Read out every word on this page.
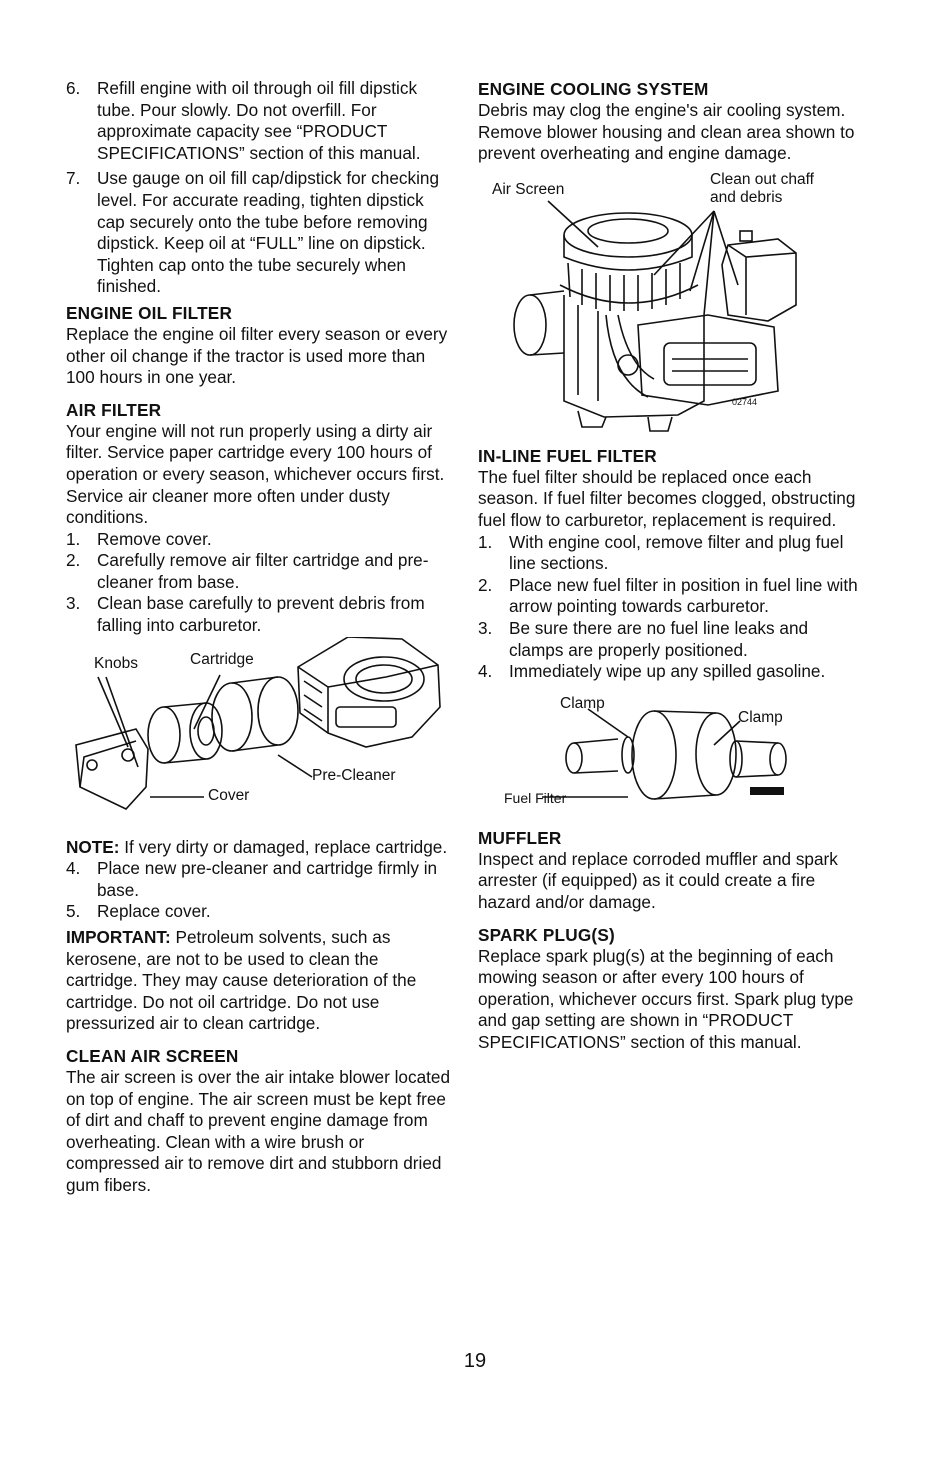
6. Refill engine with oil through oil fill dipstick tube. Pour slowly. Do not overfill. For approximate capacity see “PRODUCT SPECIFICATIONS” section of this manual.
7. Use gauge on oil fill cap/dipstick for checking level. For accurate reading, tighten dipstick cap securely onto the tube before removing dipstick. Keep oil at “FULL” line on dipstick. Tighten cap onto the tube securely when finished.
ENGINE OIL FILTER

Replace the engine oil filter every season or every other oil change if the tractor is used more than 100 hours in one year.

AIR FILTER

Your engine will not run properly using a dirty air filter. Service paper cartridge every 100 hours of operation or every season, whichever occurs first.

Service air cleaner more often under dusty conditions.

1. Remove cover.
2. Carefully remove air filter cartridge and pre-cleaner from base.
3. Clean base carefully to prevent debris from falling into carburetor.
Knobs	Cartridge
Pre-Cleaner
Cover

NOTE: If very dirty or damaged, replace cartridge.

4. Place new pre-cleaner and cartridge firmly in base.
5. Replace cover.

IMPORTANT: Petroleum solvents, such as kerosene, are not to be used to clean the cartridge. They may cause deterioration of the cartridge. Do not oil cartridge. Do not use pressurized air to clean cartridge.

CLEAN AIR SCREEN

The air screen is over the air intake blower located on top of engine. The air screen must be kept free of dirt and chaff to prevent engine damage from overheating. Clean with a wire brush or compressed air to remove dirt and stubborn dried gum fibers.

ENGINE COOLING SYSTEM

Debris may clog the engine's air cooling system. Remove blower housing and clean area shown to prevent overheating and engine damage.

Air Screen
Clean out chaff
and debris
02744
IN-LINE FUEL FILTER

The fuel filter should be replaced once each season. If fuel filter becomes clogged, obstructing fuel flow to carburetor, replacement is required.

1. With engine cool, remove filter and plug fuel line sections.
2. Place new fuel filter in position in fuel line with arrow pointing towards carburetor.
3. Be sure there are no fuel line leaks and clamps are properly positioned.
4. Immediately wipe up any spilled gasoline.
Clamp
Clamp
Fuel Filter
MUFFLER

Inspect and replace corroded muffler and spark arrester (if equipped) as it could create a fire hazard and/or damage.

SPARK PLUG(S)

Replace spark plug(s) at the beginning of each mowing season or after every 100 hours of operation, whichever occurs first. Spark plug type and gap setting are shown in “PRODUCT SPECIFICATIONS” section of this manual.

19
